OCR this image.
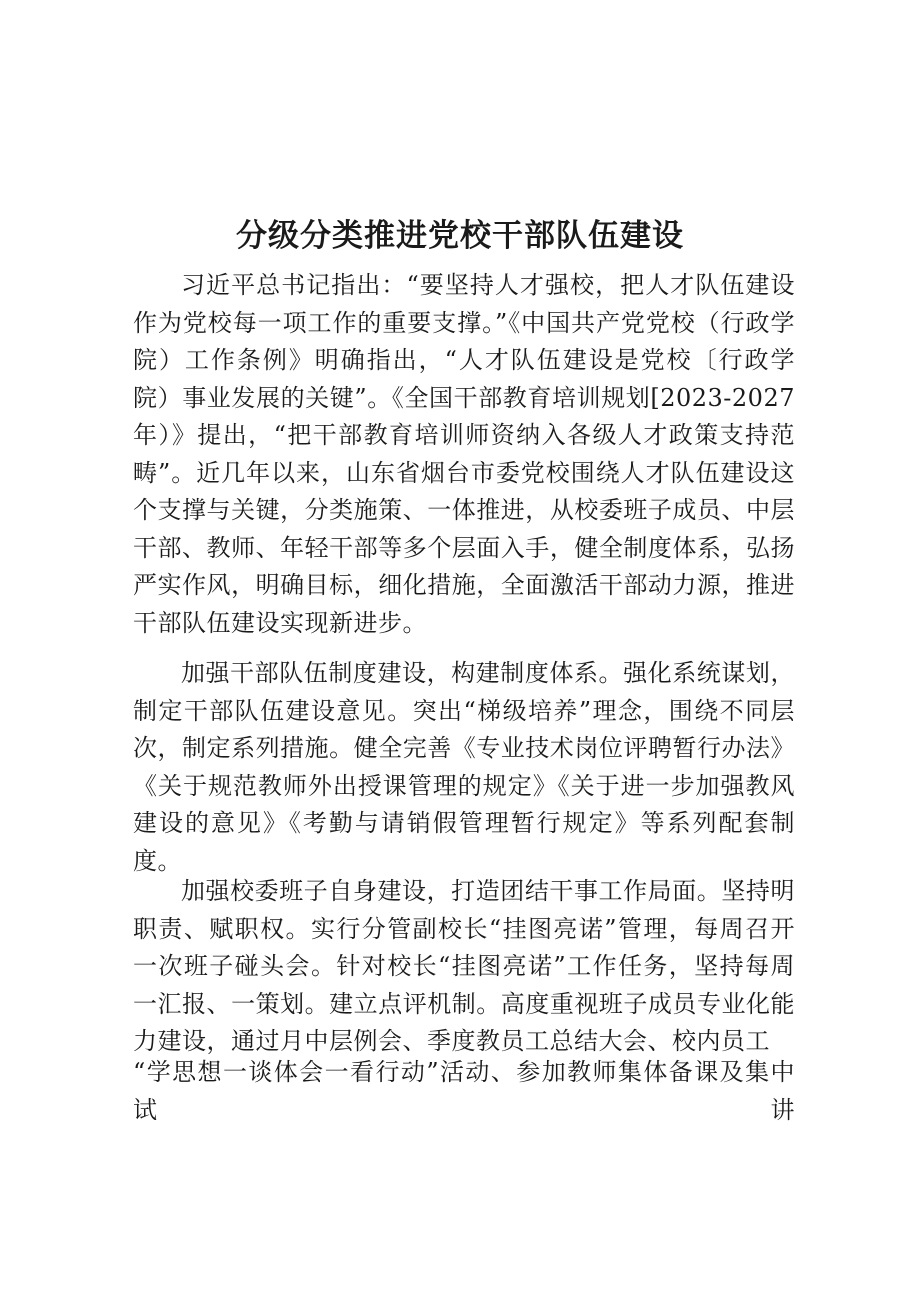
分级分类推进党校干部队伍建设

习近平总书记指出：“要坚持人才强校，把人才队伍建设作为党校每一项工作的重要支撑。”《中国共产党党校（行政学院）工作条例》明确指出，“人才队伍建设是党校〔行政学院）事业发展的关键”。《全国干部教育培训规划[2023-2027年）》提出，“把干部教育培训师资纳入各级人才政策支持范畴”。近几年以来，山东省烟台市委党校围绕人才队伍建设这个支撑与关键，分类施策、一体推进，从校委班子成员、中层干部、教师、年轻干部等多个层面入手，健全制度体系，弘扬严实作风，明确目标，细化措施，全面激活干部动力源，推进干部队伍建设实现新进步。

加强干部队伍制度建设，构建制度体系。强化系统谋划，制定干部队伍建设意见。突出“梯级培养”理念，围绕不同层次，制定系列措施。健全完善《专业技术岗位评聘暂行办法》《关于规范教师外出授课管理的规定》《关于进一步加强教风建设的意见》《考勤与请销假管理暂行规定》等系列配套制度。

加强校委班子自身建设，打造团结干事工作局面。坚持明职责、赋职权。实行分管副校长“挂图亮诺”管理，每周召开一次班子碰头会。针对校长“挂图亮诺”工作任务，坚持每周一汇报、一策划。建立点评机制。高度重视班子成员专业化能力建设，通过月中层例会、季度教员工总结大会、校内员工

“学思想一谈体会一看行动”活动、参加教师集体备课及集中试讲
